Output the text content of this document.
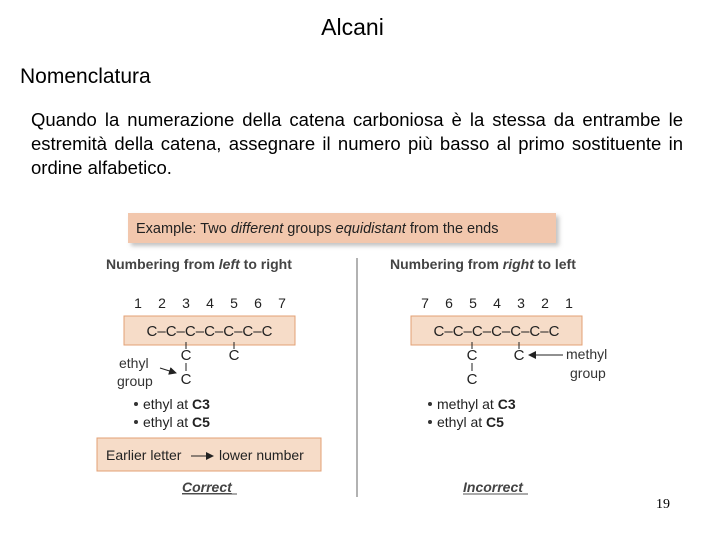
Alcani
Nomenclatura
Quando la numerazione della catena carboniosa è la stessa da entrambe le estremità della catena, assegnare il numero più basso al primo sostituente in ordine alfabetico.
Example: Two different groups equidistant from the ends
Numbering from left to right
1 2 3 4 5 6 7
C–C–C–C–C–C–C
C
C
C
ethyl
group
ethyl at C3
ethyl at C5
Earlier letter	lower number
Correct
Numbering from right to left
7 6 5 4 3 2 1
C–C–C–C–C–C–C
C
C
C	methyl
group
methyl at C3
ethyl at C5
Incorrect
19
